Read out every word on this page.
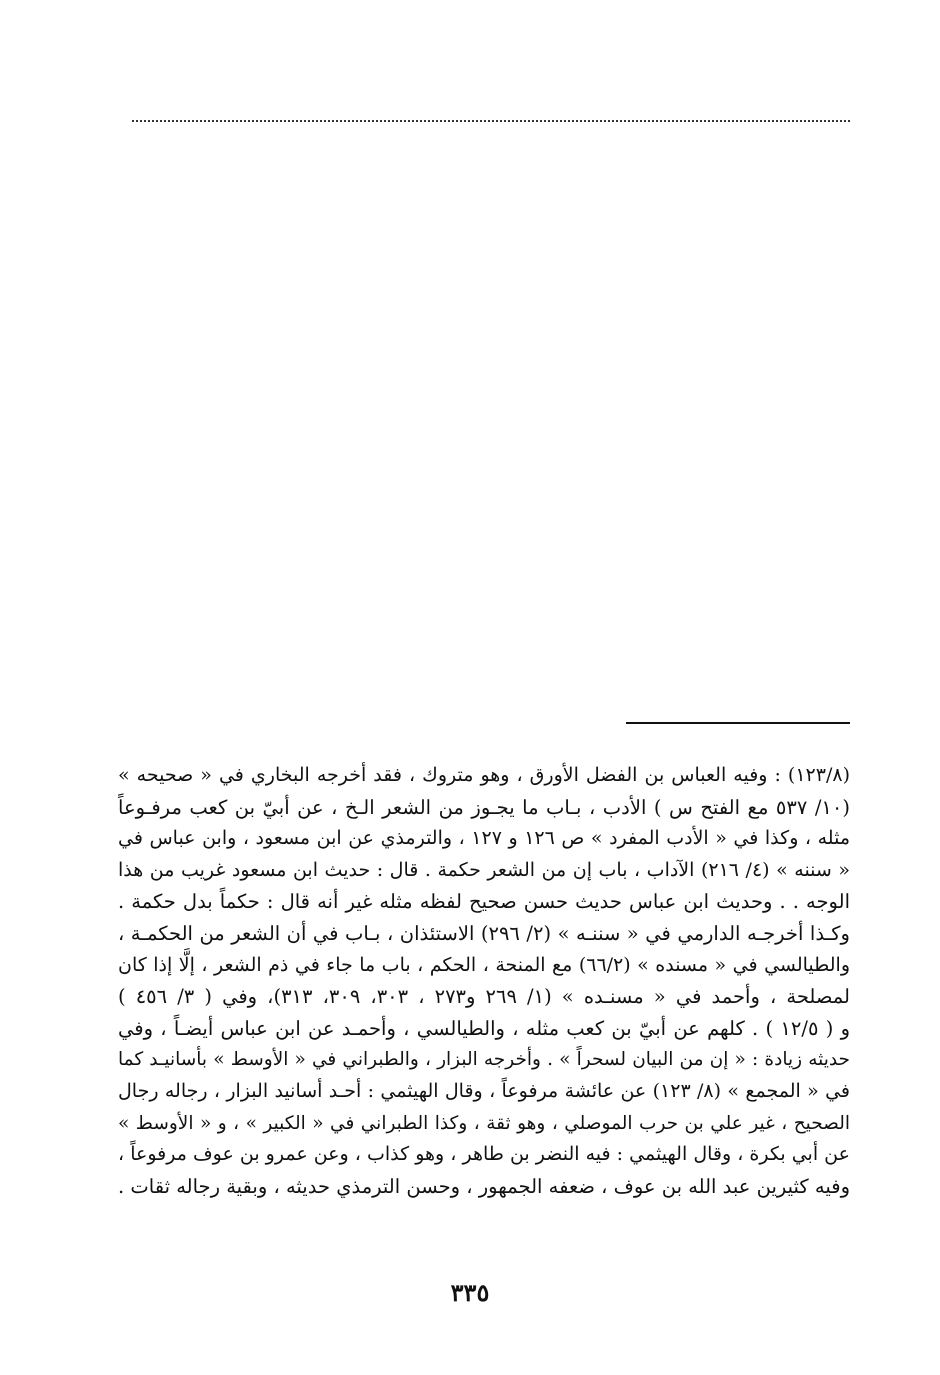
(١٢٣/٨) : وفيه العباس بن الفضل الأورق ، وهو متروك ، فقد أخرجه البخاري في « صحيحه »
(١٠/ ٥٣٧ مع الفتح س ) الأدب ، بـاب ما يجـوز من الشعر الـخ ، عن أبيّ بن كعب مرفـوعاً
مثله ، وكذا في « الأدب المفرد » ص ١٢٦ و ١٢٧ ، والترمذي عن ابن مسعود ، وابن عباس في
« سننه » (٤/ ٢١٦) الآداب ، باب إن من الشعر حكمة . قال : حديث ابن مسعود غريب من هذا
الوجه . . وحديث ابن عباس حديث حسن صحيح لفظه مثله غير أنه قال : حكماً بدل حكمة .
وكـذا أخرجـه الدارمي في « سننـه » (٢/ ٢٩٦) الاستئذان ، بـاب في أن الشعر من الحكمـة ،
والطيالسي في « مسنده » (٦٦/٢) مع المنحة ، الحكم ، باب ما جاء في ذم الشعر ، إلَّا إذا كان
لمصلحة ، وأحمد في « مسنـده » (١/ ٢٦٩ و٢٧٣ ، ٣٠٣، ٣٠٩، ٣١٣)، وفي ( ٣/ ٤٥٦ )
و ( ١٢/٥ ) . كلهم عن أبيّ بن كعب مثله ، والطيالسي ، وأحمـد عن ابن عباس أيضـاً ، وفي
حديثه زيادة : « إن من البيان لسحراً » . وأخرجه البزار ، والطبراني في « الأوسط » بأسانيـد كما
في « المجمع » (٨/ ١٢٣) عن عائشة مرفوعاً ، وقال الهيثمي : أحـد أسانيد البزار ، رجاله رجال
الصحيح ، غير علي بن حرب الموصلي ، وهو ثقة ، وكذا الطبراني في « الكبير » ، و « الأوسط »
عن أبي بكرة ، وقال الهيثمي : فيه النضر بن طاهر ، وهو كذاب ، وعن عمرو بن عوف مرفوعاً ،
وفيه كثيرين عبد الله بن عوف ، ضعفه الجمهور ، وحسن الترمذي حديثه ، وبقية رجاله ثقات .
٣٣٥
